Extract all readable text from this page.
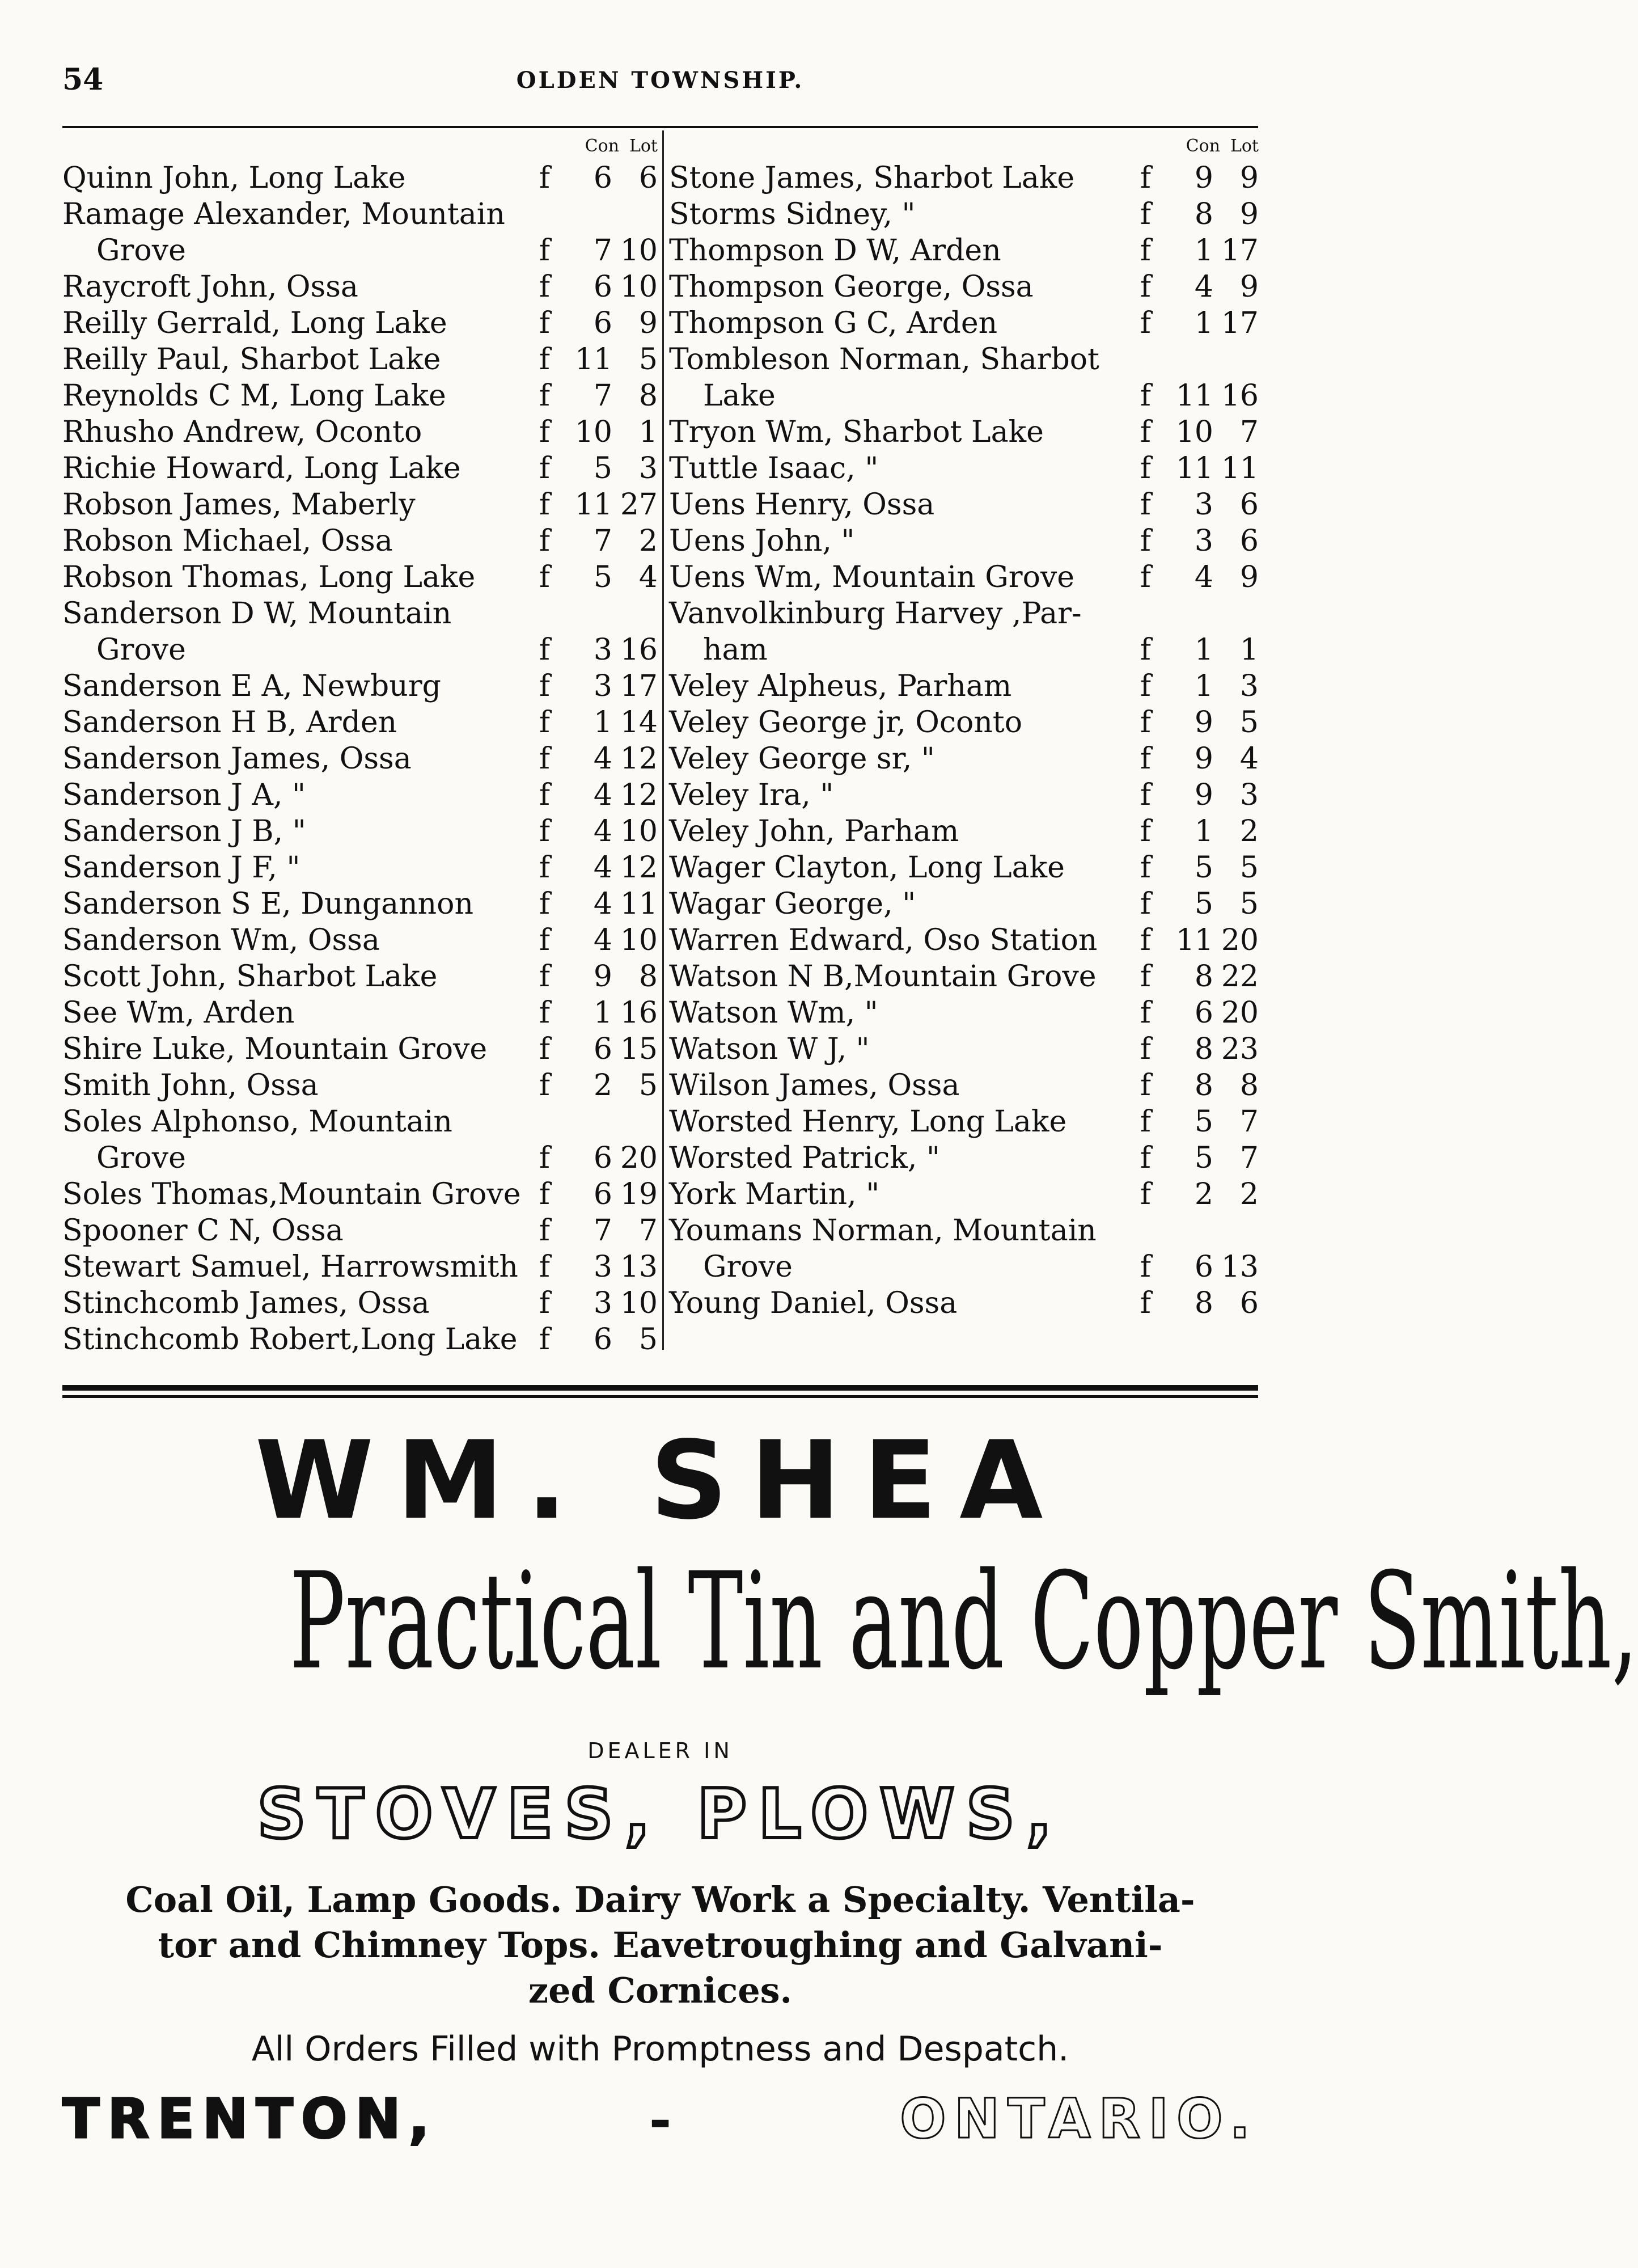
54	OLDEN TOWNSHIP.
Con Lot
Quinn John, Long Lake	f	6 6
Ramage Alexander, Mountain
Grove	f	7 10
Raycroft John, Ossa	f	6 10
Reilly Gerrald, Long Lake	f	6 9
Reilly Paul, Sharbot Lake	f 11 5
Reynolds C M, Long Lake	f	7 8
Rhusho Andrew, Oconto	f 10 1
Richie Howard, Long Lake	f	5 3
Robson James, Maberly	f 11 27
Robson Michael, Ossa	f	7 2
Robson Thomas, Long Lake f	5 4
Sanderson D W, Mountain
Grove	f	3 16
Sanderson E A, Newburg	f	3 17
Sanderson H B, Arden	f	1 14
Sanderson James, Ossa	f	4 12
Sanderson J A, "	f	4 12
Sanderson J B, "	f	4 10
Sanderson J F, "	f	4 12
Sanderson S E, Dungannon f	4 11
Sanderson Wm, Ossa	f	4 10
Scott John, Sharbot Lake	f	9 8
See Wm, Arden	f	1 16
Shire Luke, Mountain Grove f	6 15
Smith John, Ossa	f	2 5
Soles Alphonso, Mountain
Grove	f	6 20
Soles Thomas,Mountain Grove f	6 19
Spooner C N, Ossa	f	7 7
Stewart Samuel, Harrowsmith f	3 13
Stinchcomb James, Ossa	f	3 10
Stinchcomb Robert,Long Lake f	6 5
Con Lot
Stone James, Sharbot Lake f	9 9
Storms Sidney, "	f	8 9
Thompson D W, Arden	f	1 17
Thompson George, Ossa	f	4 9
Thompson G C, Arden	f	1 17
Tombleson Norman, Sharbot
Lake	f 11 16
Tryon Wm, Sharbot Lake	f 10 7
Tuttle Isaac, "	f 11 11
Uens Henry, Ossa	f	3 6
Uens John, "	f	3 6
Uens Wm, Mountain Grove f	4 9
Vanvolkinburg Harvey ,Par-
ham	f	1 1
Veley Alpheus, Parham	f	1 3
Veley George jr, Oconto	f	9 5
Veley George sr, "	f	9 4
Veley Ira, "	f	9 3
Veley John, Parham	f	1 2
Wager Clayton, Long Lake	f	5 5
Wagar George, "	f	5 5
Warren Edward, Oso Station f 11 20
Watson N B,Mountain Grove f	8 22
Watson Wm, "	f	6 20
Watson W J, "	f	8 23
Wilson James, Ossa	f	8 8
Worsted Henry, Long Lake f	5 7
Worsted Patrick, "	f	5 7
York Martin, "	f	2 2
Youmans Norman, Mountain
Grove	f	6 13
Young Daniel, Ossa	f	8 6
WM. SHEA
Practical Tin and Copper Smith,
DEALER IN
STOVES, PLOWS,
Coal Oil, Lamp Goods. Dairy Work a Specialty. Ventila-
tor and Chimney Tops. Eavetroughing and Galvani-
zed Cornices.
All Orders Filled with Promptness and Despatch.
TRENTON,	-	ONTARIO.
